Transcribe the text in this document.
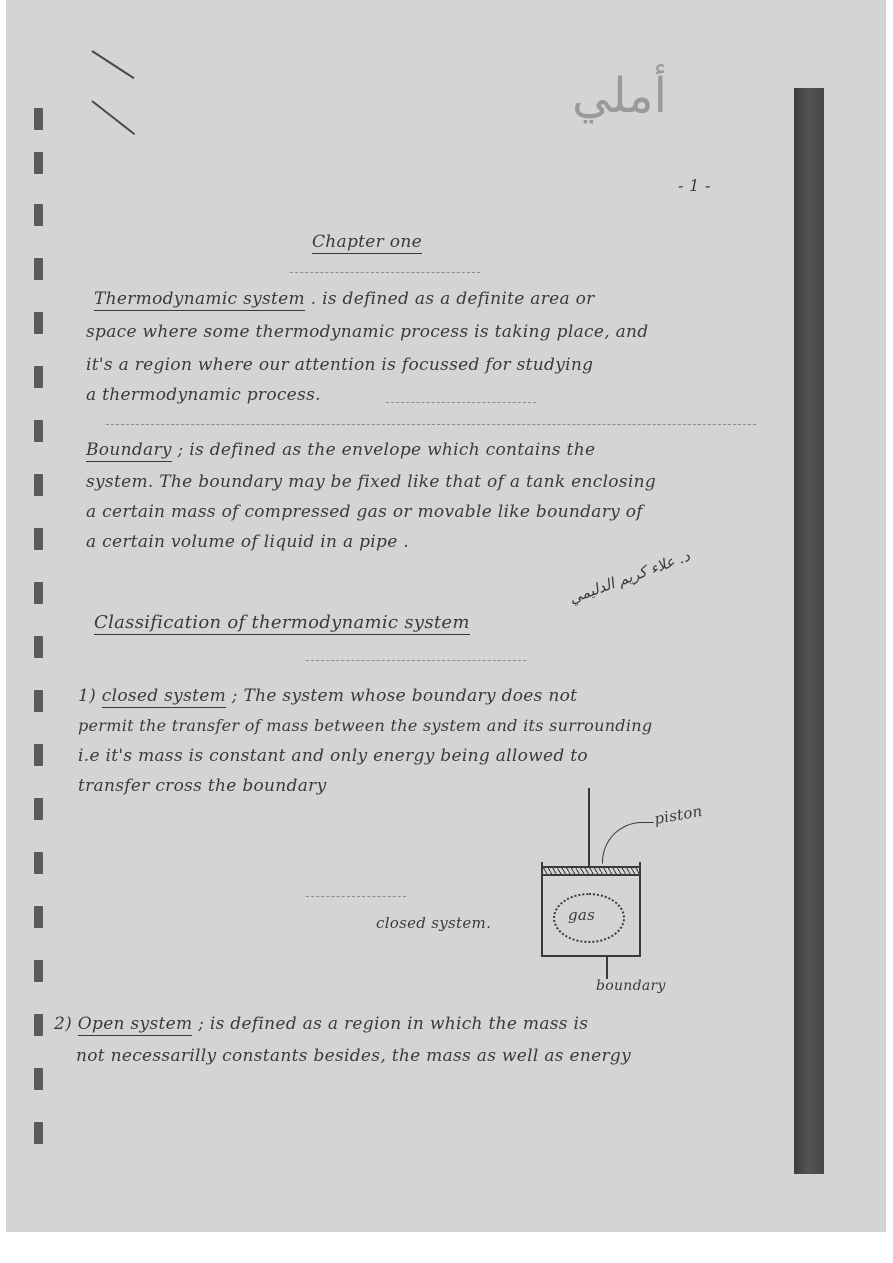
أملي
- 1 -
Chapter one
Thermodynamic system . is defined as a definite area or
space where some thermodynamic process is taking place, and
it's a region where our attention is focussed for studying
a thermodynamic process.
Boundary ; is defined as the envelope which contains the
system. The boundary may be fixed like that of a tank enclosing
a certain mass of compressed gas or movable like boundary of
a certain volume of liquid in a pipe .
د. علاء كريم الدليمي
Classification of thermodynamic system
1) closed system ; The system whose boundary does not
permit the transfer of mass between the system and its surrounding
i.e it's mass is constant and only energy being allowed to
transfer cross the boundary
gas
piston
boundary
closed system.
2) Open system ; is defined as a region in which the mass is
not necessarilly constants besides, the mass as well as energy
